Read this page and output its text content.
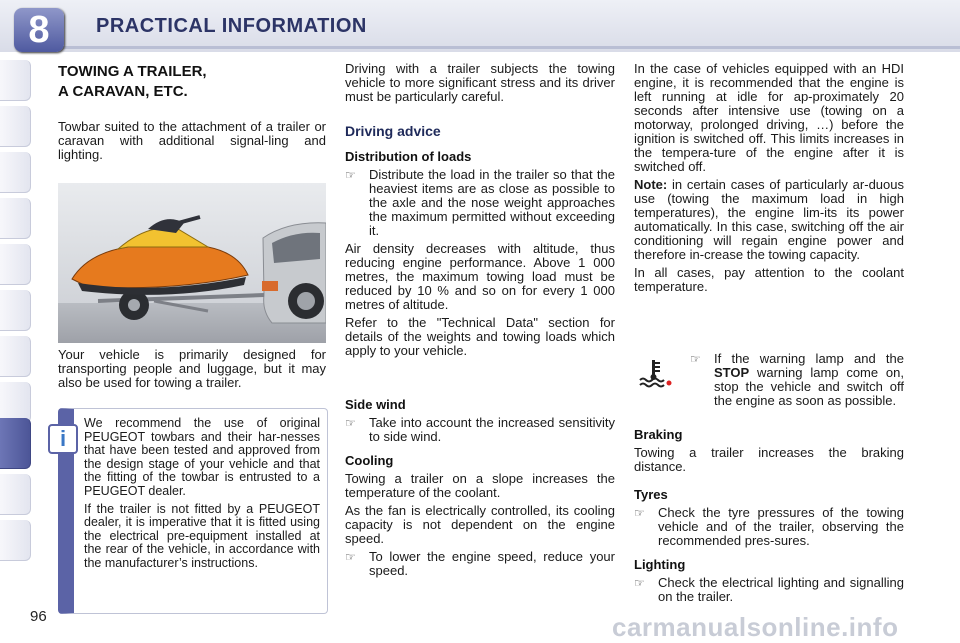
8	PRACTICAL INFORMATION
TOWING A TRAILER,
A CARAVAN, ETC.

Towbar suited to the attachment of a trailer or caravan with additional signal-ling and lighting.

Your vehicle is primarily designed for transporting people and luggage, but it may also be used for towing a trailer.

We recommend the use of original PEUGEOT towbars and their har-nesses that have been tested and approved from the design stage of your vehicle and that the fitting of the towbar is entrusted to a PEUGEOT dealer.

If the trailer is not fitted by a PEUGEOT dealer, it is imperative that it is fitted using the electrical pre-equipment installed at the rear of the vehicle, in accordance with the manufacturer’s instructions.

i

Driving with a trailer subjects the towing vehicle to more significant stress and its driver must be particularly careful.

Driving advice
Distribution of loads
☞ Distribute the load in the trailer so that the heaviest items are as close as possible to the axle and the nose weight approaches the maximum permitted without exceeding it.

Air density decreases with altitude, thus reducing engine performance. Above 1 000 metres, the maximum towing load must be reduced by 10 % and so on for every 1 000 metres of altitude.

Refer to the "Technical Data" section for details of the weights and towing loads which apply to your vehicle.

Side wind
☞ Take into account the increased sensitivity to side wind.
Cooling

Towing a trailer on a slope increases the temperature of the coolant.

As the fan is electrically controlled, its cooling capacity is not dependent on the engine speed.

☞ To lower the engine speed, reduce your speed.

In the case of vehicles equipped with an HDI engine, it is recommended that the engine is left running at idle for ap-proximately 20 seconds after intensive use (towing on a motorway, prolonged driving, …) before the ignition is switched off. This limits increases in the tempera-ture of the engine after it is switched off.

Note: in certain cases of particularly ar-duous use (towing the maximum load in high temperatures), the engine lim-its its power automatically. In this case, switching off the air conditioning will regain engine power and therefore in-crease the towing capacity.

In all cases, pay attention to the coolant temperature.

☞ If the warning lamp and the STOP warning lamp come on, stop the vehicle and switch off the engine as soon as possible.
Braking

Towing a trailer increases the braking distance.

Tyres
☞ Check the tyre pressures of the towing vehicle and of the trailer, observing the recommended pres-sures.
Lighting
☞ Check the electrical lighting and signalling on the trailer.
96	carmanualsonline.info
